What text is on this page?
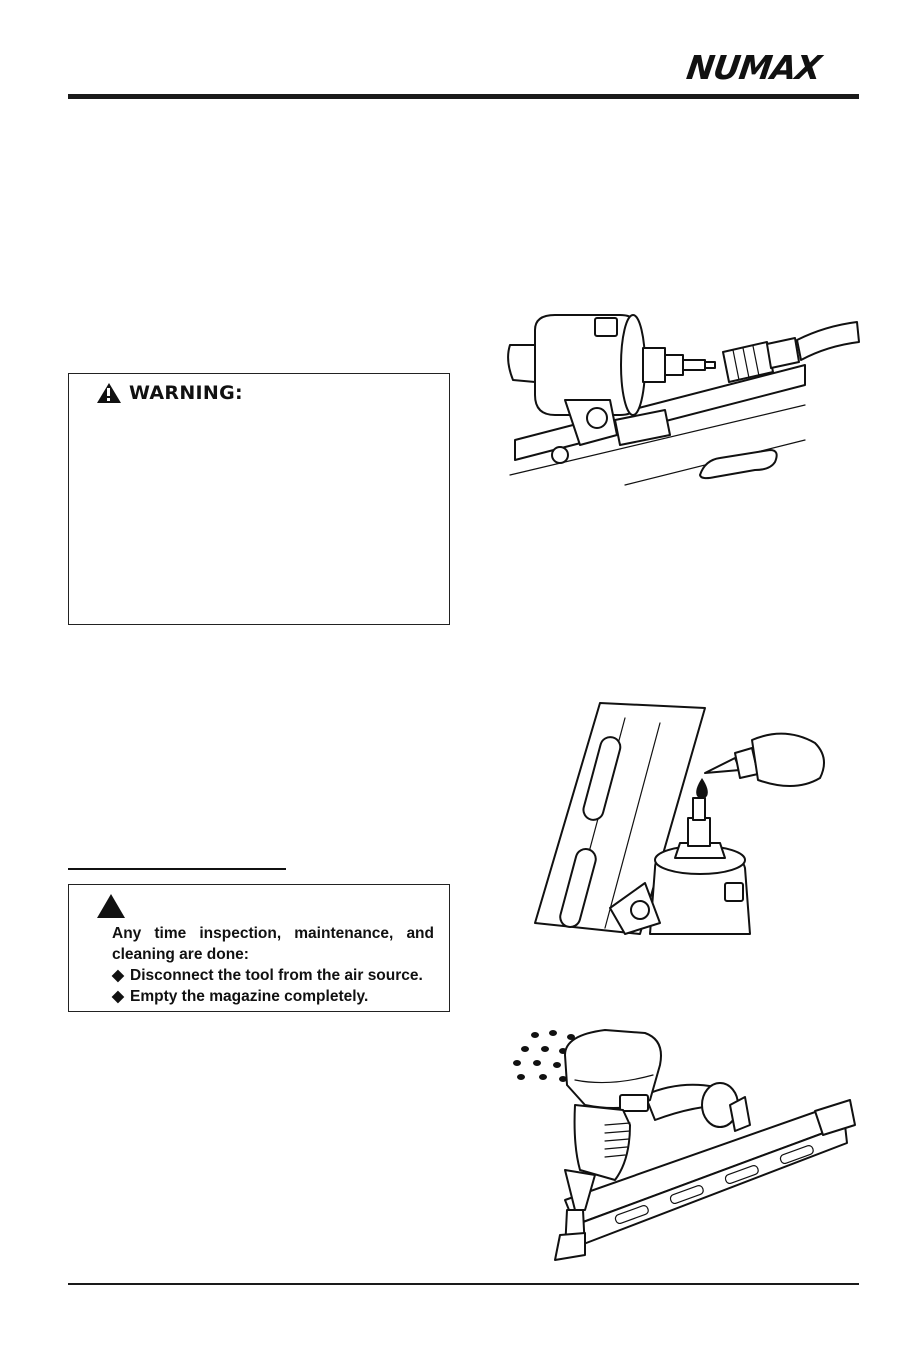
NUMAX
WARNING:
Any time inspection, maintenance, and
cleaning are done:
◆ Disconnect the tool from the air source.
◆ Empty the magazine completely.
